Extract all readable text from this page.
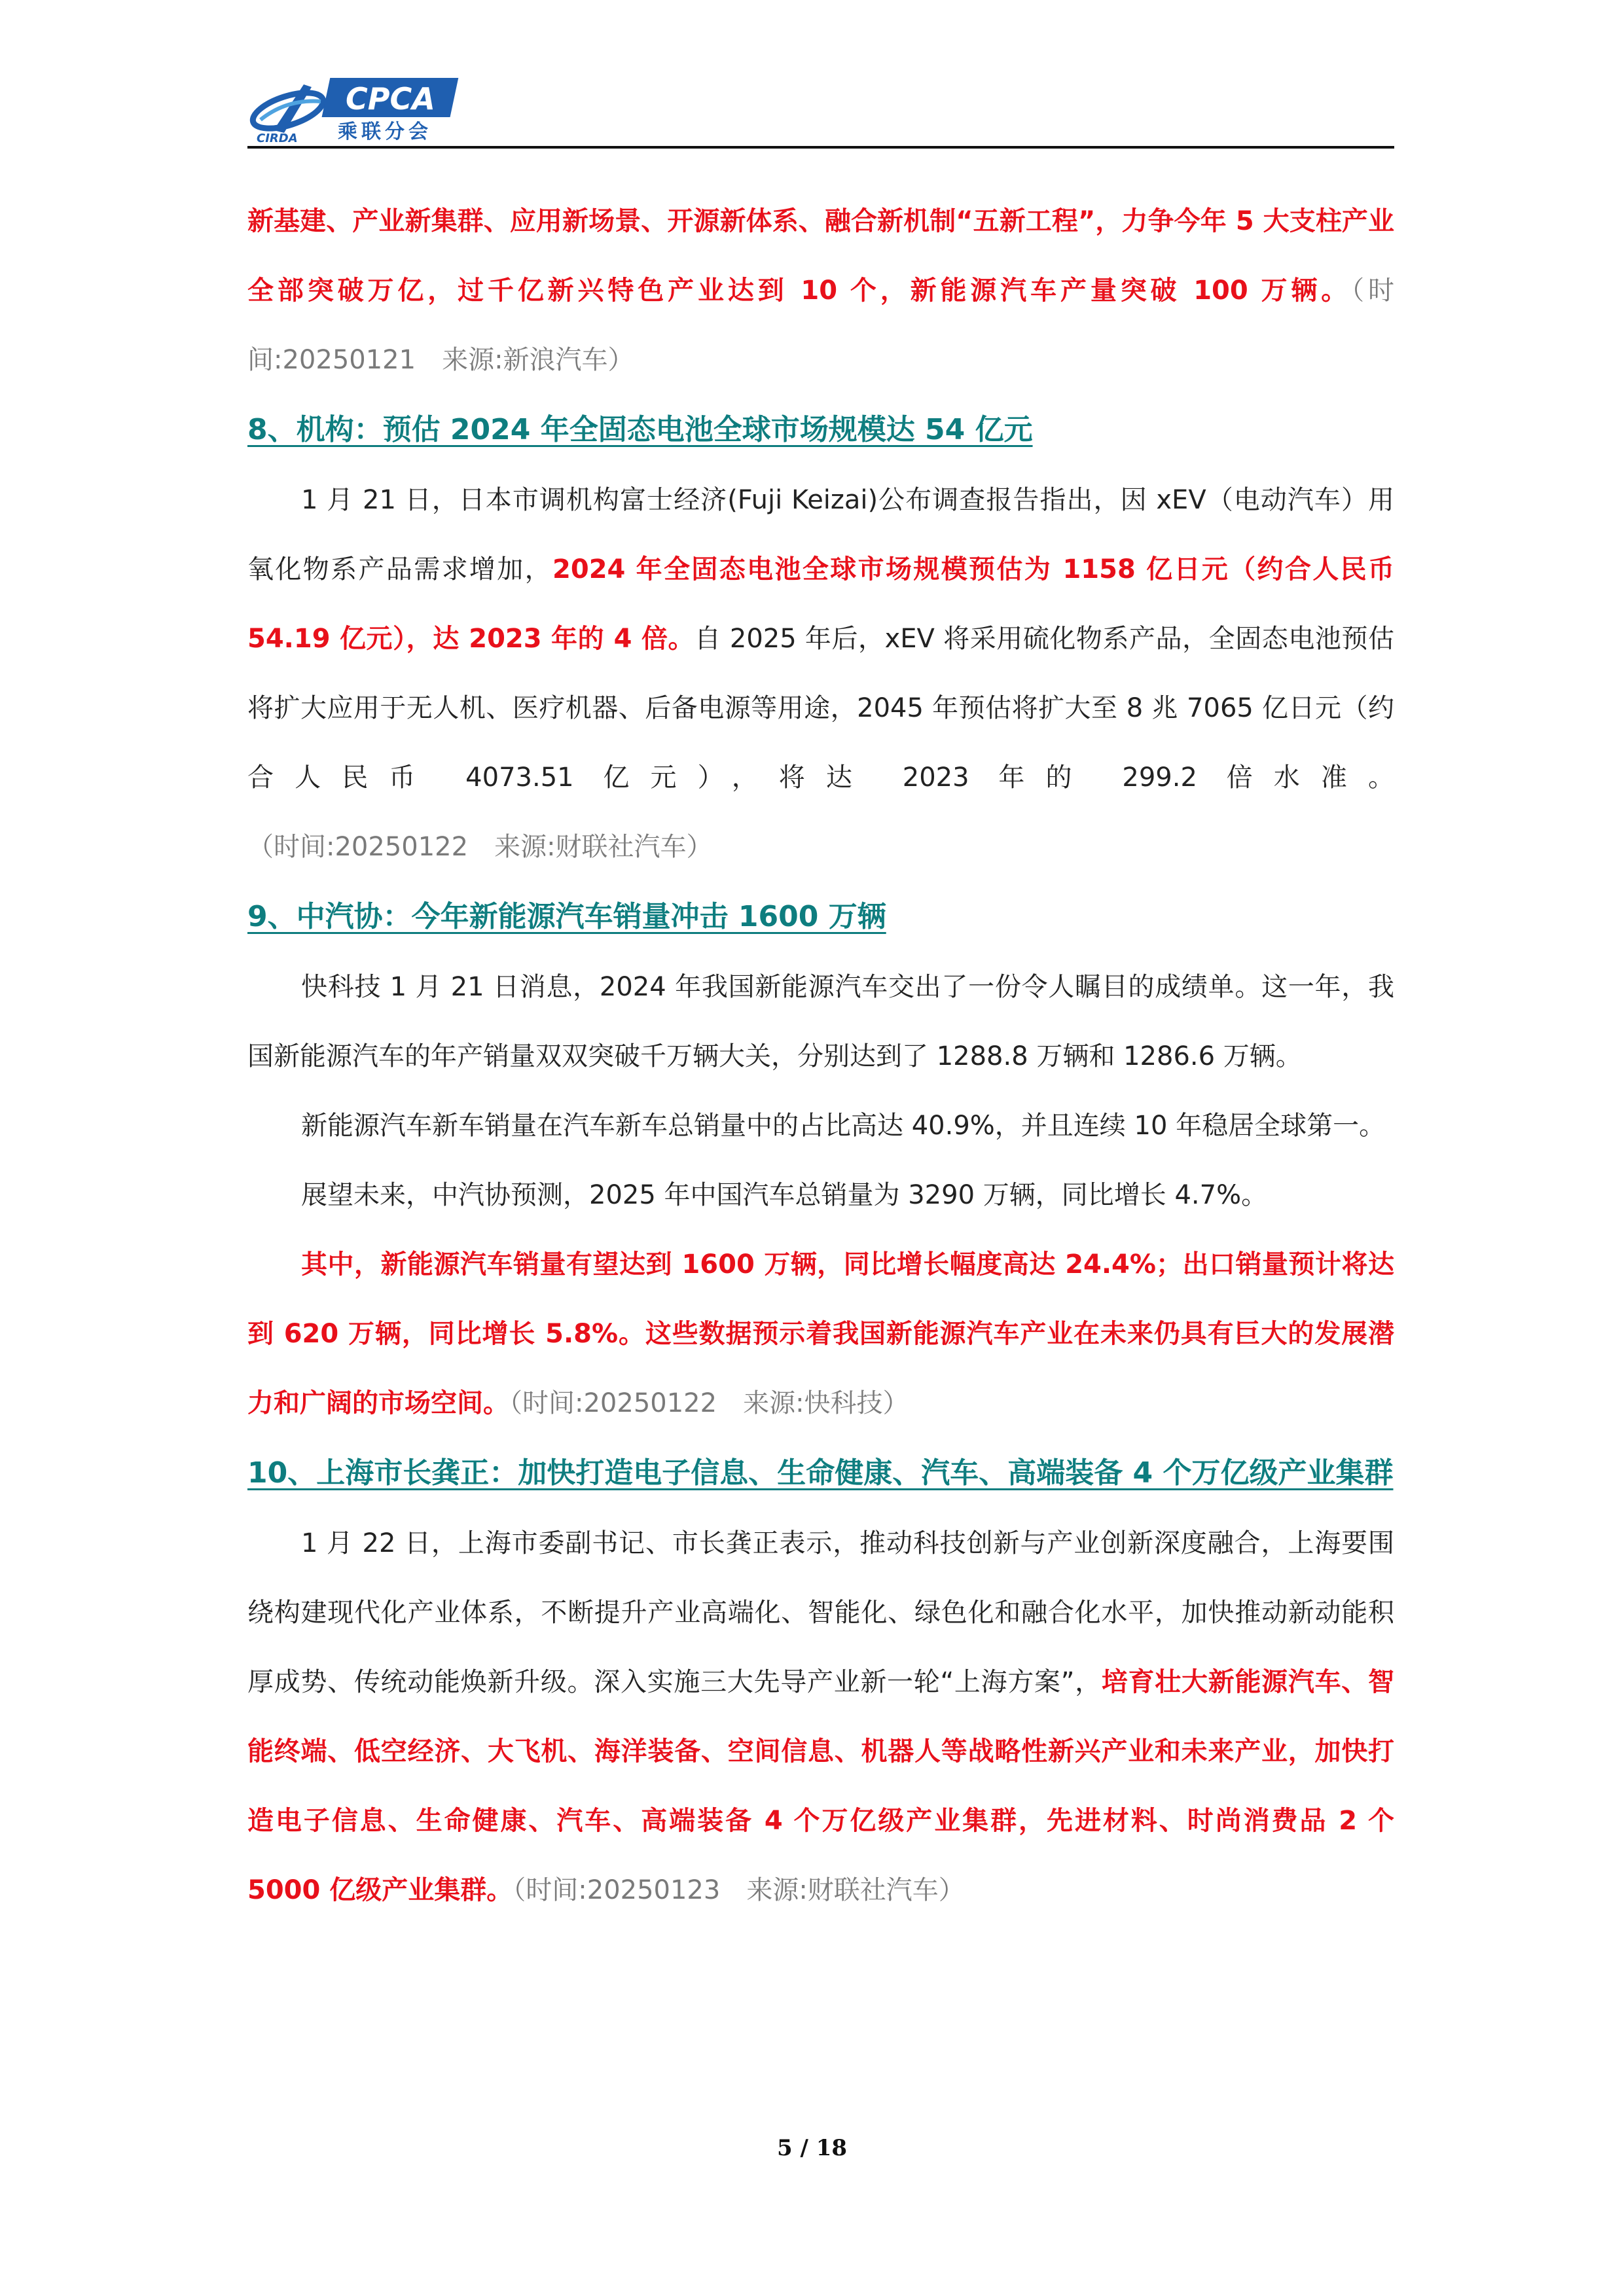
CIRDA
CPCA
乘联分会

新基建、产业新集群、应用新场景、开源新体系、融合新机制“五新工程”，力争今年 5 大支柱产业全部突破万亿，过千亿新兴特色产业达到 10 个，新能源汽车产量突破 100 万辆。（时间:20250121　来源:新浪汽车）

8、机构：预估 2024 年全固态电池全球市场规模达 54 亿元

1 月 21 日，日本市调机构富士经济(Fuji Keizai)公布调查报告指出，因 xEV（电动汽车）用氧化物系产品需求增加，2024 年全固态电池全球市场规模预估为 1158 亿日元（约合人民币 54.19 亿元），达 2023 年的 4 倍。自 2025 年后，xEV 将采用硫化物系产品，全固态电池预估将扩大应用于无人机、医疗机器、后备电源等用途，2045 年预估将扩大至 8 兆 7065 亿日元（约合人民币 4073.51 亿元），将达 2023 年的 299.2 倍水准。（时间:20250122　来源:财联社汽车）

9、中汽协：今年新能源汽车销量冲击 1600 万辆

快科技 1 月 21 日消息，2024 年我国新能源汽车交出了一份令人瞩目的成绩单。这一年，我国新能源汽车的年产销量双双突破千万辆大关，分别达到了 1288.8 万辆和 1286.6 万辆。

新能源汽车新车销量在汽车新车总销量中的占比高达 40.9%，并且连续 10 年稳居全球第一。

展望未来，中汽协预测，2025 年中国汽车总销量为 3290 万辆，同比增长 4.7%。

其中，新能源汽车销量有望达到 1600 万辆，同比增长幅度高达 24.4%；出口销量预计将达到 620 万辆，同比增长 5.8%。这些数据预示着我国新能源汽车产业在未来仍具有巨大的发展潜力和广阔的市场空间。（时间:20250122　来源:快科技）

10、上海市长龚正：加快打造电子信息、生命健康、汽车、高端装备 4 个万亿级产业集群

1 月 22 日，上海市委副书记、市长龚正表示，推动科技创新与产业创新深度融合，上海要围绕构建现代化产业体系，不断提升产业高端化、智能化、绿色化和融合化水平，加快推动新动能积厚成势、传统动能焕新升级。深入实施三大先导产业新一轮“上海方案”，培育壮大新能源汽车、智能终端、低空经济、大飞机、海洋装备、空间信息、机器人等战略性新兴产业和未来产业，加快打造电子信息、生命健康、汽车、高端装备 4 个万亿级产业集群，先进材料、时尚消费品 2 个 5000 亿级产业集群。（时间:20250123　来源:财联社汽车）

5 / 18
